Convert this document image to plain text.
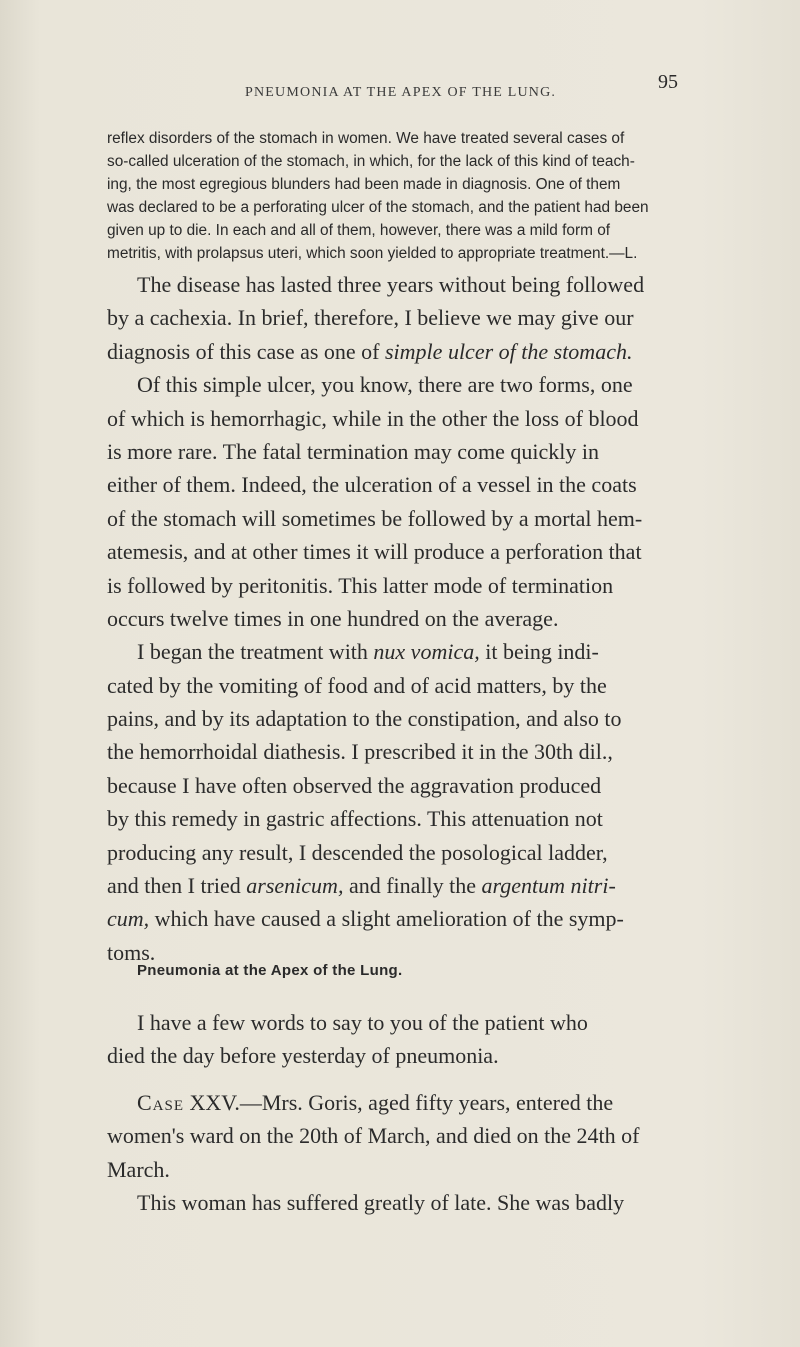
PNEUMONIA AT THE APEX OF THE LUNG.	95
reflex disorders of the stomach in women. We have treated several cases of
so-called ulceration of the stomach, in which, for the lack of this kind of teach-
ing, the most egregious blunders had been made in diagnosis. One of them
was declared to be a perforating ulcer of the stomach, and the patient had been
given up to die. In each and all of them, however, there was a mild form of
metritis, with prolapsus uteri, which soon yielded to appropriate treatment.—L.
The disease has lasted three years without being followed
by a cachexia. In brief, therefore, I believe we may give our
diagnosis of this case as one of simple ulcer of the stomach.
Of this simple ulcer, you know, there are two forms, one
of which is hemorrhagic, while in the other the loss of blood
is more rare. The fatal termination may come quickly in
either of them. Indeed, the ulceration of a vessel in the coats
of the stomach will sometimes be followed by a mortal hem-
atemesis, and at other times it will produce a perforation that
is followed by peritonitis. This latter mode of termination
occurs twelve times in one hundred on the average.
I began the treatment with nux vomica, it being indi-
cated by the vomiting of food and of acid matters, by the
pains, and by its adaptation to the constipation, and also to
the hemorrhoidal diathesis. I prescribed it in the 30th dil.,
because I have often observed the aggravation produced
by this remedy in gastric affections. This attenuation not
producing any result, I descended the posological ladder,
and then I tried arsenicum, and finally the argentum nitri-
cum, which have caused a slight amelioration of the symp-
toms.
Pneumonia at the Apex of the Lung.
I have a few words to say to you of the patient who
died the day before yesterday of pneumonia.
Case XXV.—Mrs. Goris, aged fifty years, entered the
women's ward on the 20th of March, and died on the 24th of
March.
This woman has suffered greatly of late. She was badly
